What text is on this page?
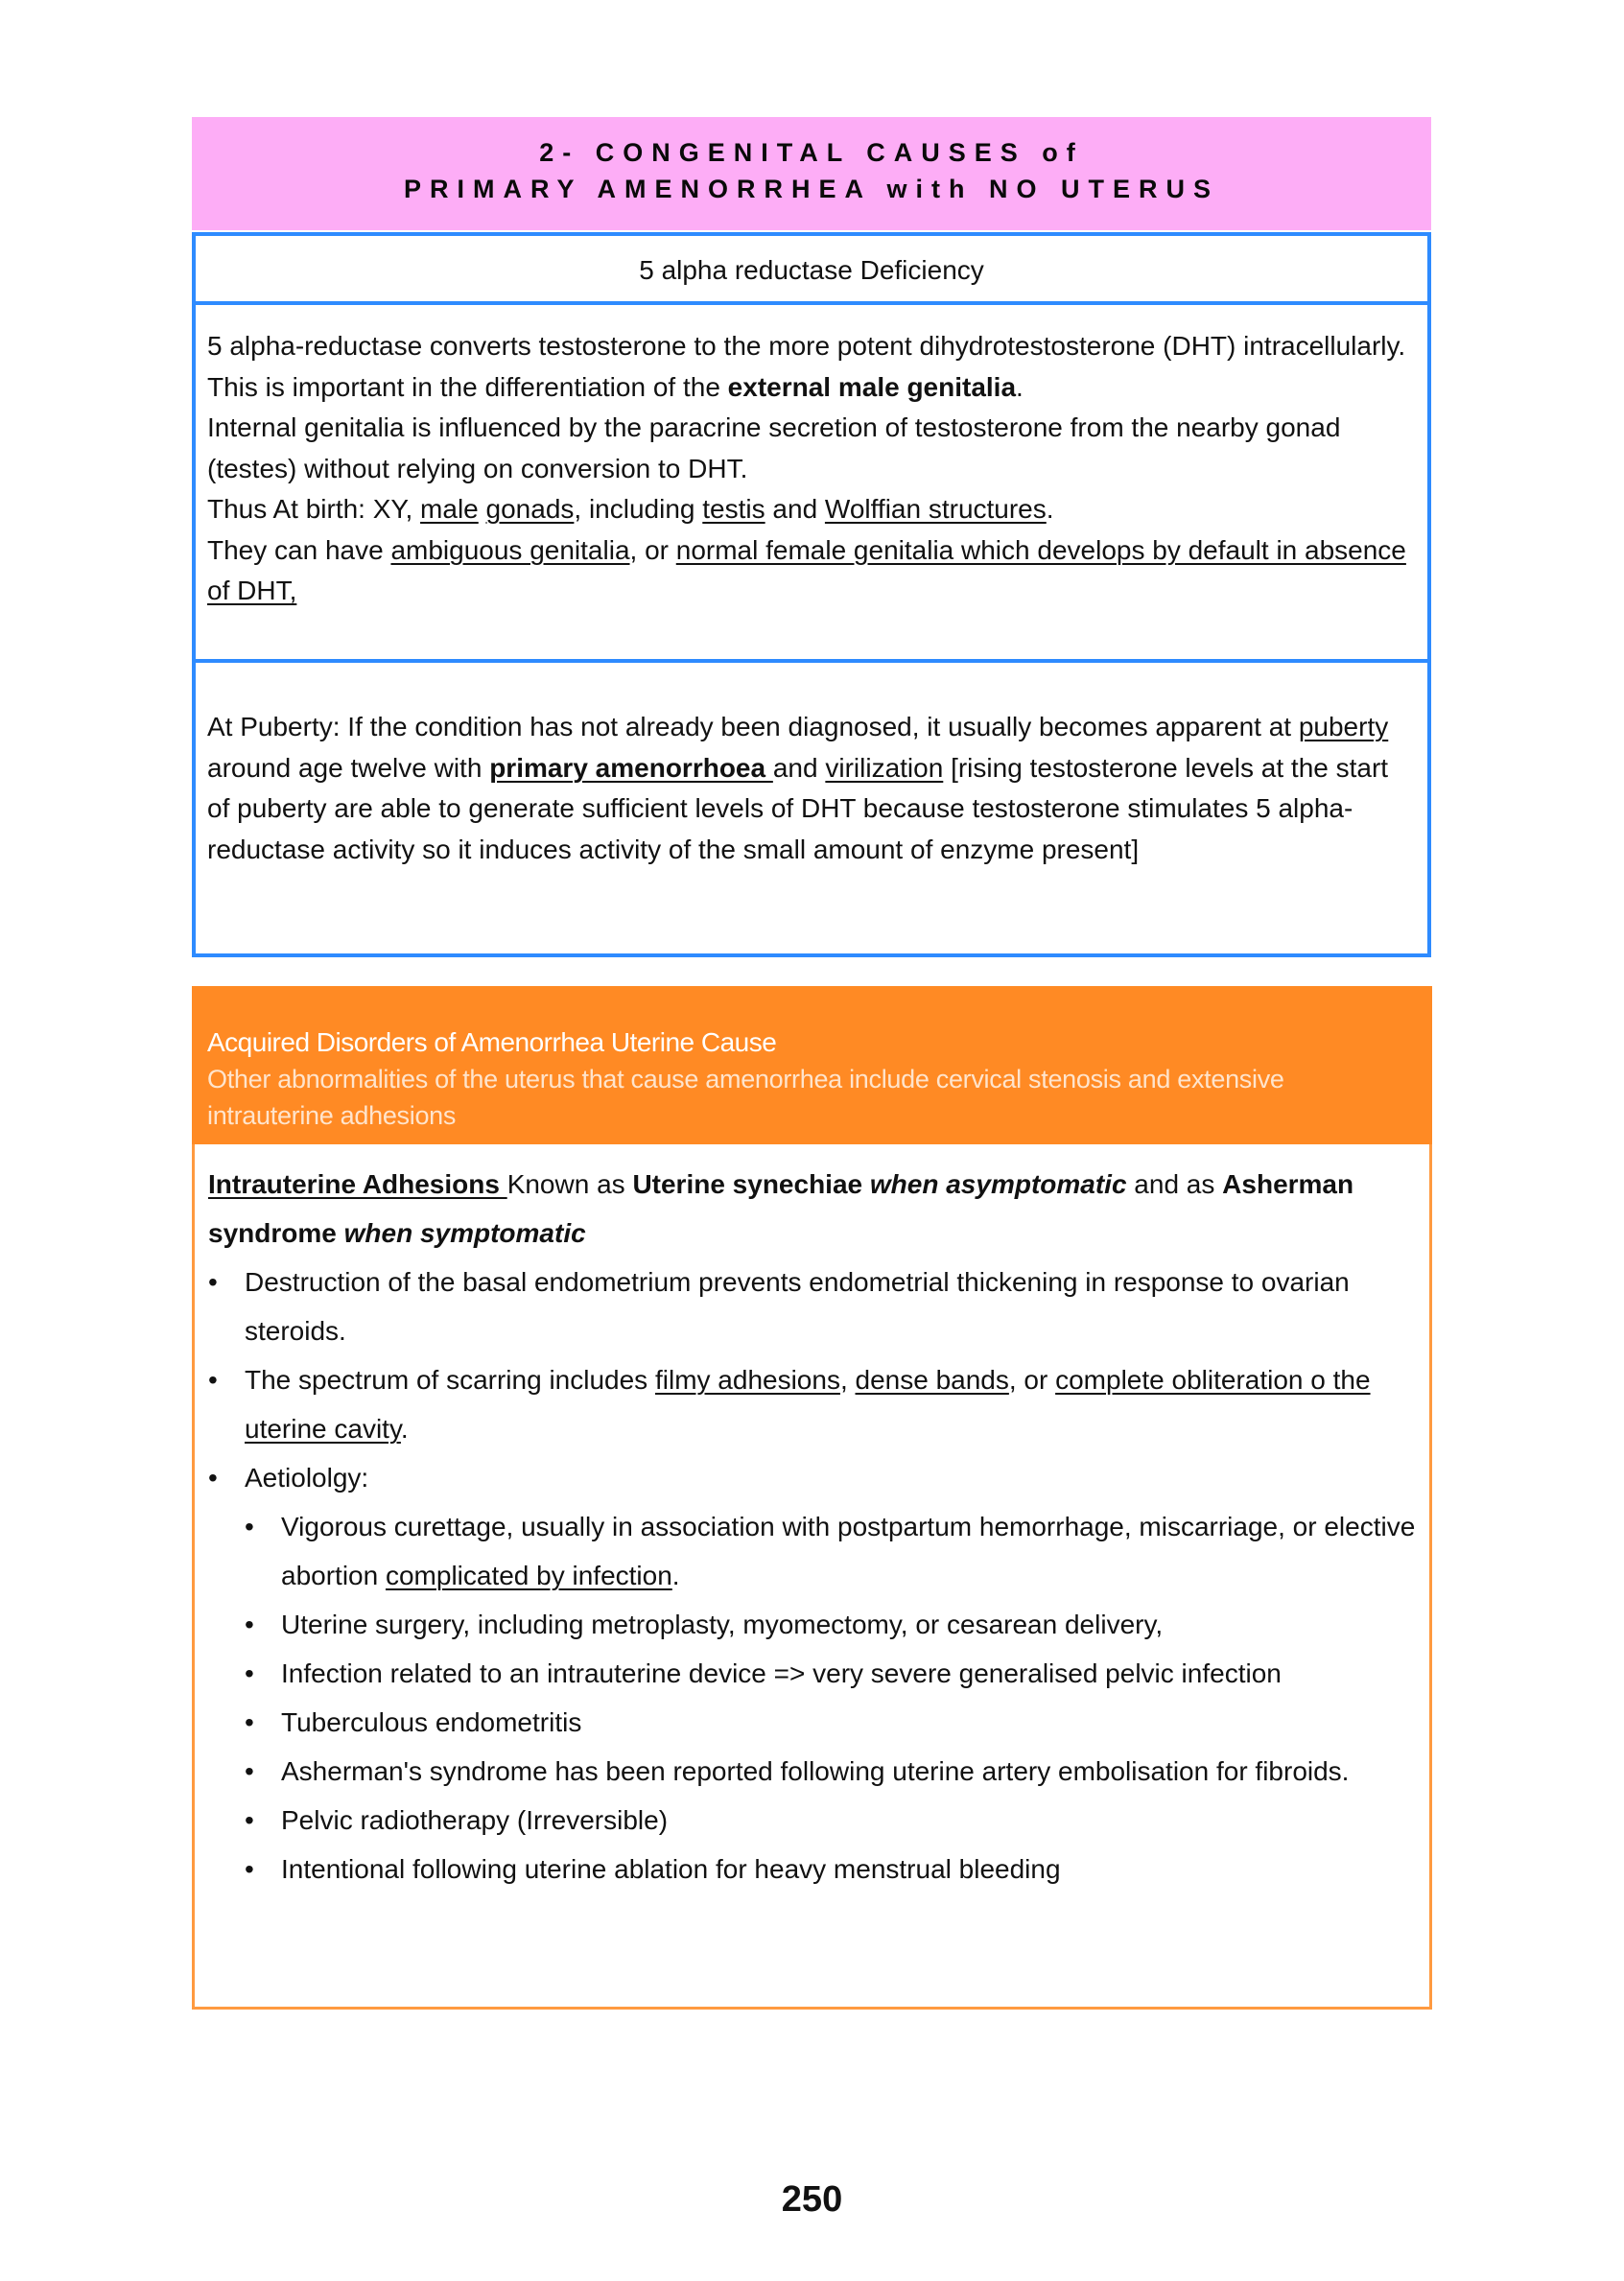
2- CONGENITAL CAUSES of
PRIMARY AMENORRHEA with NO UTERUS
5 alpha reductase Deficiency

5 alpha-reductase converts testosterone to the more potent dihydrotestosterone (DHT) intracellularly.

This is important in the differentiation of the external male genitalia.

Internal genitalia is influenced by the paracrine secretion of testosterone from the nearby gonad (testes) without relying on conversion to DHT.

Thus At birth: XY, male gonads, including testis and Wolffian structures.

They can have ambiguous genitalia, or normal female genitalia which develops by default in absence of DHT,

At Puberty: If the condition has not already been diagnosed, it usually becomes apparent at puberty around age twelve with primary amenorrhoea and virilization [rising testosterone levels at the start of puberty are able to generate sufficient levels of DHT because testosterone stimulates 5 alpha-reductase activity so it induces activity of the small amount of enzyme present]

Acquired Disorders of Amenorrhea Uterine Cause
Other abnormalities of the uterus that cause amenorrhea include cervical stenosis and extensive intrauterine adhesions

Intrauterine Adhesions Known as Uterine synechiae when asymptomatic and as Asherman syndrome when symptomatic

• Destruction of the basal endometrium prevents endometrial thickening in response to ovarian steroids.
• The spectrum of scarring includes filmy adhesions, dense bands, or complete obliteration o the uterine cavity.
• Aetiololgy:
• Vigorous curettage, usually in association with postpartum hemorrhage, miscarriage, or elective abortion complicated by infection.
• Uterine surgery, including metroplasty, myomectomy, or cesarean delivery,
• Infection related to an intrauterine device => very severe generalised pelvic infection
• Tuberculous endometritis
• Asherman's syndrome has been reported following uterine artery embolisation for fibroids.
• Pelvic radiotherapy (Irreversible)
• Intentional following uterine ablation for heavy menstrual bleeding
250
